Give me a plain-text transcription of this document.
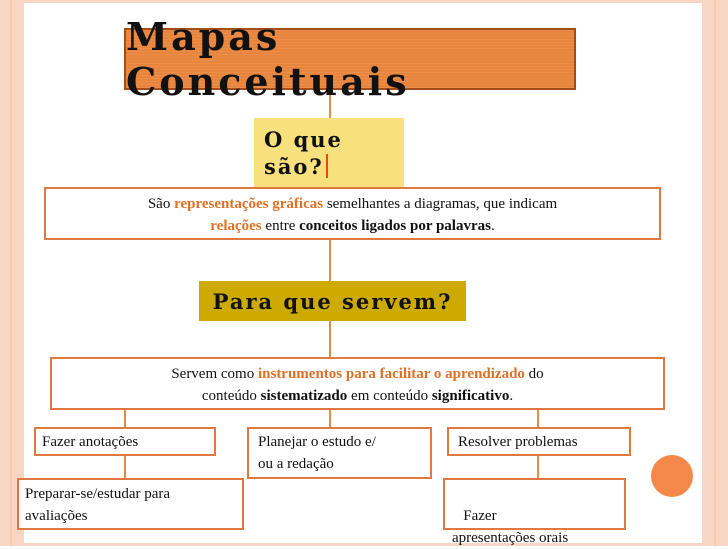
Mapas Conceituais
O que são?
São representações gráficas semelhantes a diagramas, que indicam
relações entre conceitos ligados por palavras.
Para que servem?
Servem como instrumentos para facilitar o aprendizado do
conteúdo sistematizado em conteúdo significativo.
Fazer anotações	Planejar o estudo e/
ou a redação
Resolver problemas
Preparar-se/estudar para
avaliações	Fazer
apresentações orais
